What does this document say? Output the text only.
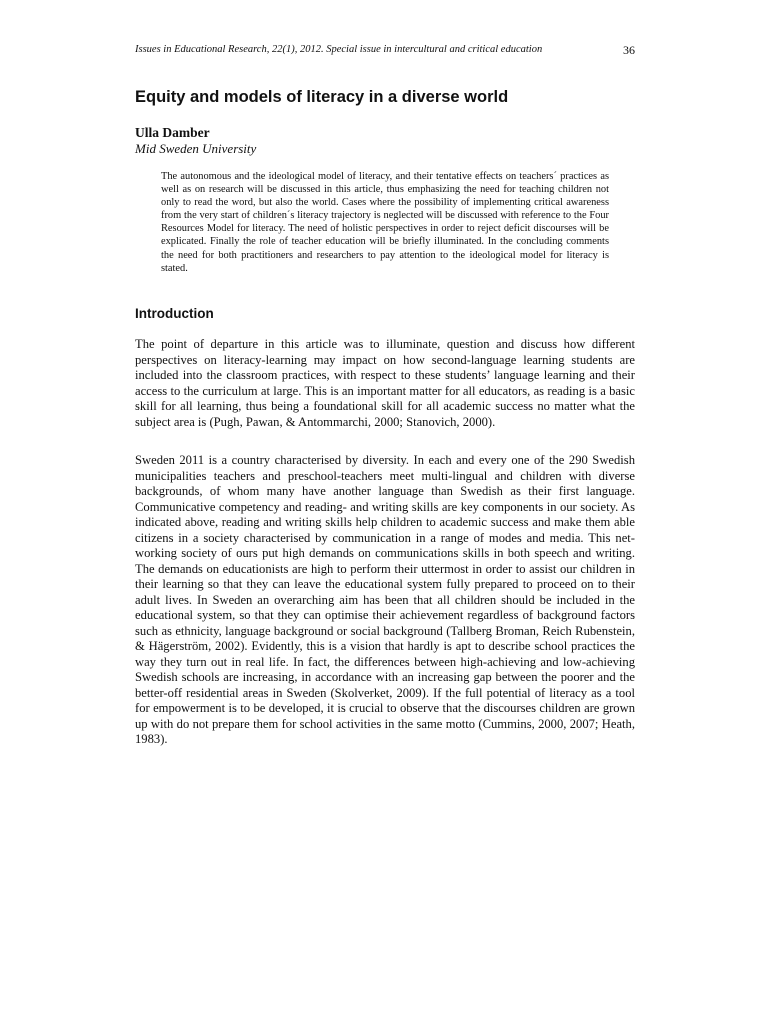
Issues in Educational Research, 22(1), 2012. Special issue in intercultural and critical education	36
Equity and models of literacy in a diverse world
Ulla Damber
Mid Sweden University

The autonomous and the ideological model of literacy, and their tentative effects on teachers´ practices as well as on research will be discussed in this article, thus emphasizing the need for teaching children not only to read the word, but also the world. Cases where the possibility of implementing critical awareness from the very start of children´s literacy trajectory is neglected will be discussed with reference to the Four Resources Model for literacy. The need of holistic perspectives in order to reject deficit discourses will be explicated. Finally the role of teacher education will be briefly illuminated. In the concluding comments the need for both practitioners and researchers to pay attention to the ideological model for literacy is stated.

Introduction

The point of departure in this article was to illuminate, question and discuss how different perspectives on literacy-learning may impact on how second-language learning students are included into the classroom practices, with respect to these students’ language learning and their access to the curriculum at large. This is an important matter for all educators, as reading is a basic skill for all learning, thus being a foundational skill for all academic success no matter what the subject area is (Pugh, Pawan, & Antommarchi, 2000; Stanovich, 2000).

Sweden 2011 is a country characterised by diversity. In each and every one of the 290 Swedish municipalities teachers and preschool-teachers meet multi-lingual and children with diverse backgrounds, of whom many have another language than Swedish as their first language. Communicative competency and reading- and writing skills are key components in our society. As indicated above, reading and writing skills help children to academic success and make them able citizens in a society characterised by communication in a range of modes and media. This net-working society of ours put high demands on communications skills in both speech and writing. The demands on educationists are high to perform their uttermost in order to assist our children in their learning so that they can leave the educational system fully prepared to proceed on to their adult lives. In Sweden an overarching aim has been that all children should be included in the educational system, so that they can optimise their achievement regardless of background factors such as ethnicity, language background or social background (Tallberg Broman, Reich Rubenstein, & Hägerström, 2002). Evidently, this is a vision that hardly is apt to describe school practices the way they turn out in real life. In fact, the differences between high-achieving and low-achieving Swedish schools are increasing, in accordance with an increasing gap between the poorer and the better-off residential areas in Sweden (Skolverket, 2009). If the full potential of literacy as a tool for empowerment is to be developed, it is crucial to observe that the discourses children are grown up with do not prepare them for school activities in the same motto (Cummins, 2000, 2007; Heath, 1983).
